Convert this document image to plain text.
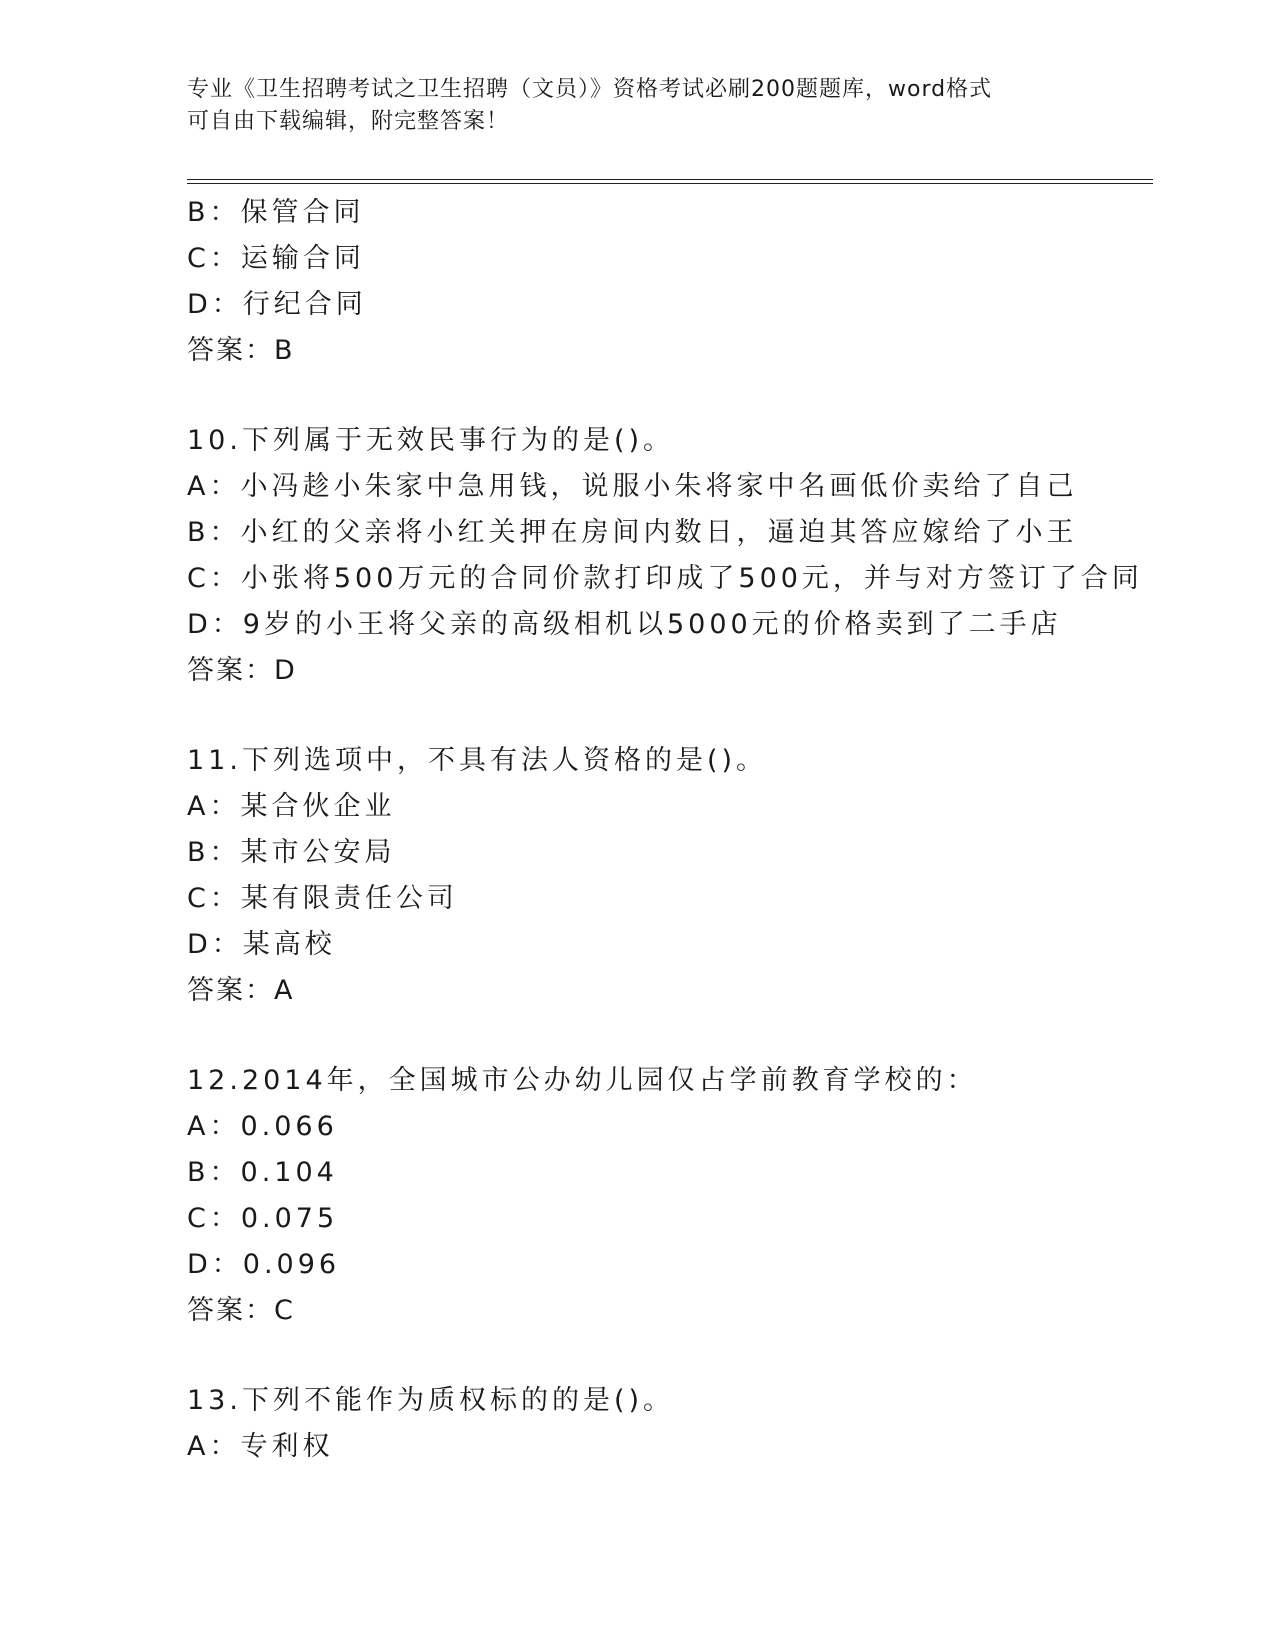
专业《卫生招聘考试之卫生招聘（文员）》资格考试必刷200题题库，word格式
可自由下载编辑，附完整答案！
B：保管合同
C：运输合同
D：行纪合同
答案：B
10.下列属于无效民事行为的是()。
A：小冯趁小朱家中急用钱，说服小朱将家中名画低价卖给了自己
B：小红的父亲将小红关押在房间内数日，逼迫其答应嫁给了小王
C：小张将500万元的合同价款打印成了500元，并与对方签订了合同
D：9岁的小王将父亲的高级相机以5000元的价格卖到了二手店
答案：D
11.下列选项中，不具有法人资格的是()。
A：某合伙企业
B：某市公安局
C：某有限责任公司
D：某高校
答案：A
12.2014年，全国城市公办幼儿园仅占学前教育学校的：
A：0.066
B：0.104
C：0.075
D：0.096
答案：C
13.下列不能作为质权标的的是()。
A：专利权
